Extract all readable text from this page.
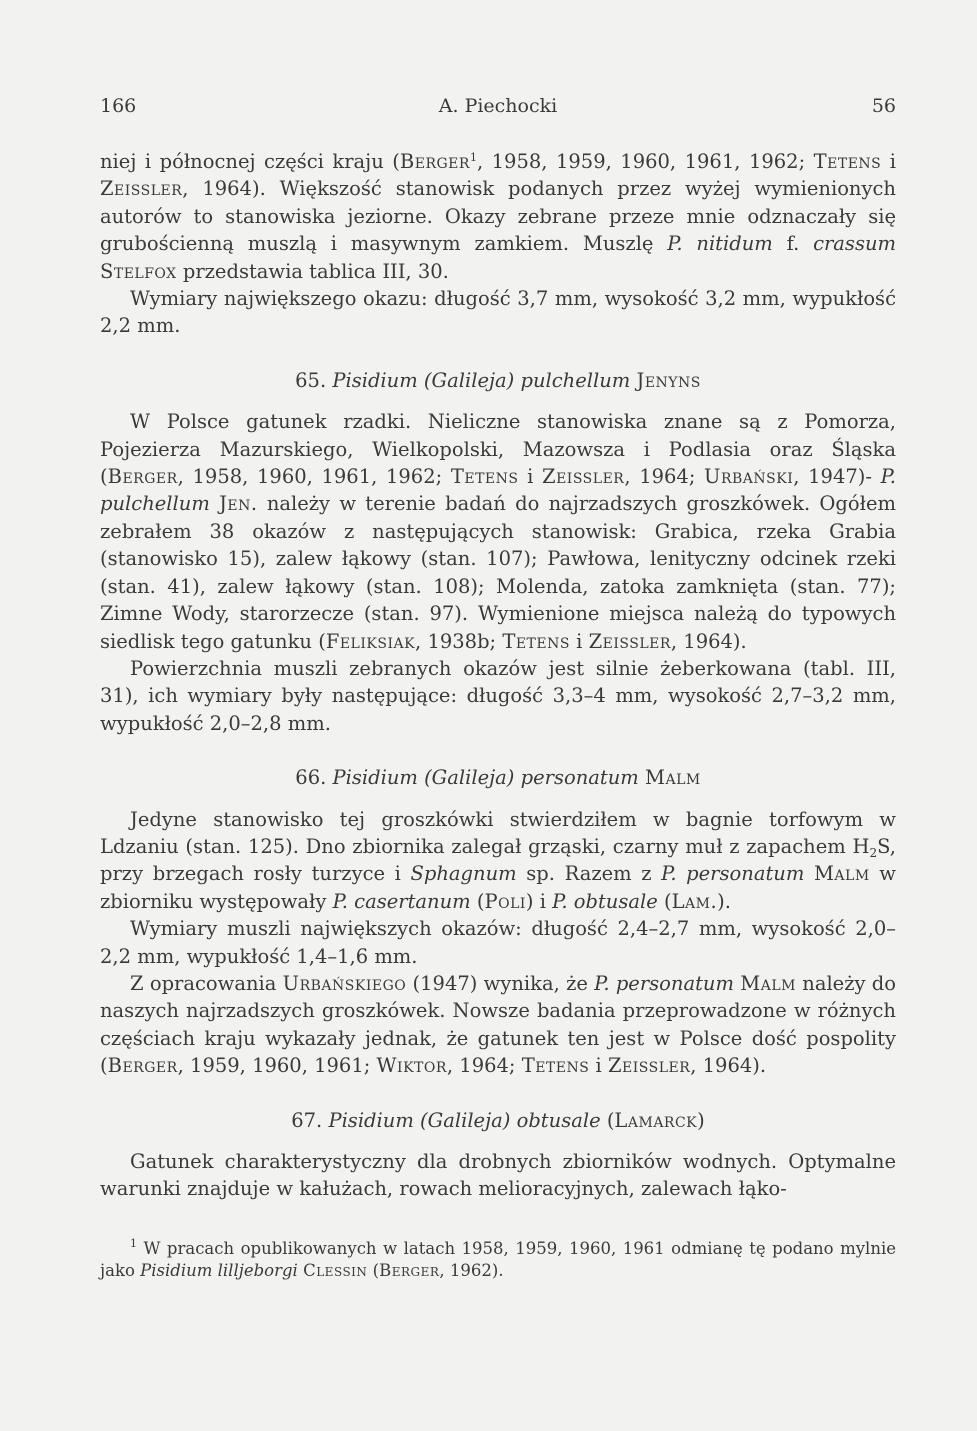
166	A. Piechocki	56

niej i północnej części kraju (Berger$^1$, 1958, 1959, 1960, 1961, 1962; Tetens i Zeissler, 1964). Większość stanowisk podanych przez wyżej wymienionych autorów to stanowiska jeziorne. Okazy zebrane przeze mnie odznaczały się grubościenną muszlą i masywnym zamkiem. Muszlę P. nitidum f. crassum Stelfox przedstawia tablica III, 30.

Wymiary największego okazu: długość 3,7 mm, wysokość 3,2 mm, wypukłość 2,2 mm.

65. Pisidium (Galileja) pulchellum Jenyns

W Polsce gatunek rzadki. Nieliczne stanowiska znane są z Pomorza, Pojezierza Mazurskiego, Wielkopolski, Mazowsza i Podlasia oraz Śląska (Berger, 1958, 1960, 1961, 1962; Tetens i Zeissler, 1964; Urbański, 1947)- P. pulchellum Jen. należy w terenie badań do najrzadszych groszkówek. Ogółem zebrałem 38 okazów z następujących stanowisk: Grabica, rzeka Grabia (stanowisko 15), zalew łąkowy (stan. 107); Pawłowa, lenityczny odcinek rzeki (stan. 41), zalew łąkowy (stan. 108); Molenda, zatoka zamknięta (stan. 77); Zimne Wody, starorzecze (stan. 97). Wymienione miejsca należą do typowych siedlisk tego gatunku (Feliksiak, 1938b; Tetens i Zeissler, 1964).

Powierzchnia muszli zebranych okazów jest silnie żeberkowana (tabl. III, 31), ich wymiary były następujące: długość 3,3–4 mm, wysokość 2,7–3,2 mm, wypukłość 2,0–2,8 mm.

66. Pisidium (Galileja) personatum Malm

Jedyne stanowisko tej groszkówki stwierdziłem w bagnie torfowym w Ldzaniu (stan. 125). Dno zbiornika zalegał grząski, czarny muł z zapachem $H_2S$, przy brzegach rosły turzyce i Sphagnum sp. Razem z P. personatum Malm w zbiorniku występowały P. casertanum (Poli) i P. obtusale (Lam.).

Wymiary muszli największych okazów: długość 2,4–2,7 mm, wysokość 2,0–2,2 mm, wypukłość 1,4–1,6 mm.

Z opracowania Urbańskiego (1947) wynika, że P. personatum Malm należy do naszych najrzadszych groszkówek. Nowsze badania przeprowadzone w różnych częściach kraju wykazały jednak, że gatunek ten jest w Polsce dość pospolity (Berger, 1959, 1960, 1961; Wiktor, 1964; Tetens i Zeissler, 1964).

67. Pisidium (Galileja) obtusale (Lamarck)

Gatunek charakterystyczny dla drobnych zbiorników wodnych. Optymalne warunki znajduje w kałużach, rowach melioracyjnych, zalewach łąko-

$^1$ W pracach opublikowanych w latach 1958, 1959, 1960, 1961 odmianę tę podano mylnie jako Pisidium lilljeborgi Clessin (Berger, 1962).
